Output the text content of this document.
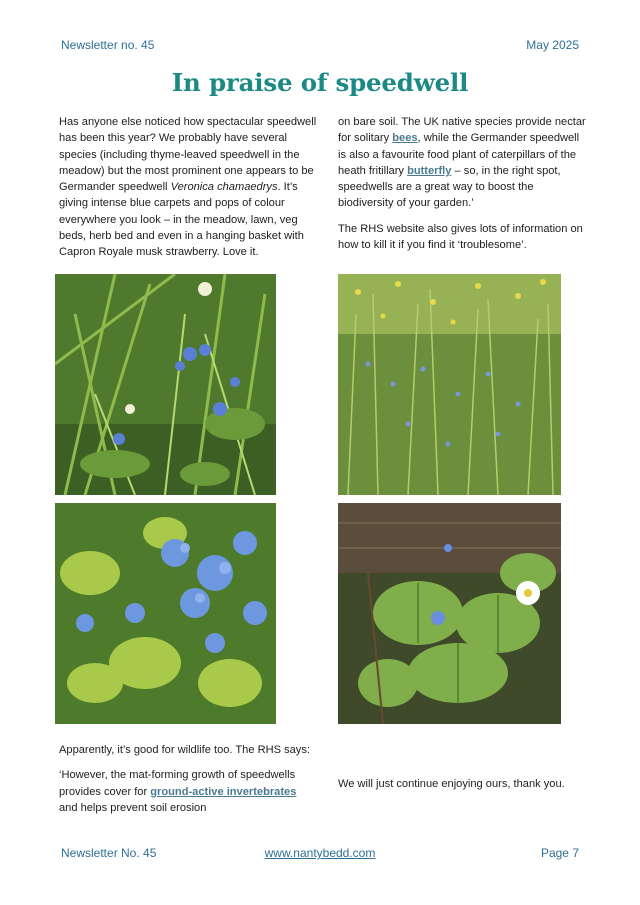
Newsletter no. 45	May 2025
In praise of speedwell

Has anyone else noticed how spectacular speedwell has been this year? We probably have several species (including thyme-leaved speedwell in the meadow) but the most prominent one appears to be Germander speedwell Veronica chamaedrys. It’s giving intense blue carpets and pops of colour everywhere you look – in the meadow, lawn, veg beds, herb bed and even in a hanging basket with Capron Royale musk strawberry. Love it.

on bare soil. The UK native species provide nectar for solitary bees, while the Germander speedwell is also a favourite food plant of caterpillars of the heath fritillary butterfly – so, in the right spot, speedwells are a great way to boost the biodiversity of your garden.’

The RHS website also gives lots of information on how to kill it if you find it ‘troublesome’.

Apparently, it’s good for wildlife too. The RHS says:

‘However, the mat-forming growth of speedwells provides cover for ground-active invertebrates and helps prevent soil erosion

We will just continue enjoying ours, thank you.

Newsletter No. 45	www.nantybedd.com	Page 7
